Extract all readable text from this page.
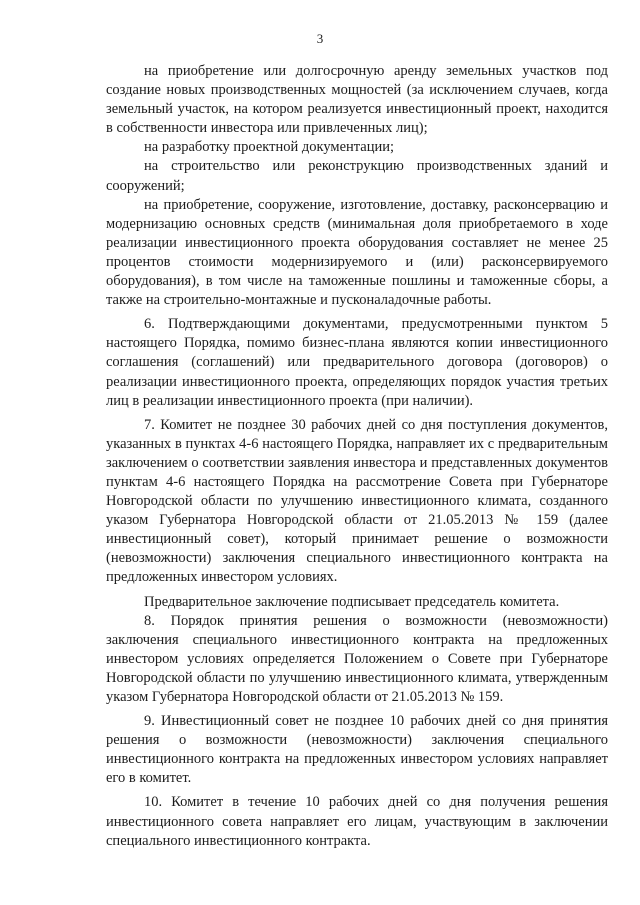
3

на приобретение или долгосрочную аренду земельных участков под создание новых производственных мощностей (за исключением случаев, когда земельный участок, на котором реализуется инвестиционный проект, находится в собственности инвестора или привлеченных лиц);

на разработку проектной документации;

на строительство или реконструкцию производственных зданий и сооружений;

на приобретение, сооружение, изготовление, доставку, расконсервацию и модернизацию основных средств (минимальная доля приобретаемого в ходе реализации инвестиционного проекта оборудования составляет не менее 25 процентов стоимости модернизируемого и (или) расконсервируемого оборудования), в том числе на таможенные пошлины и таможенные сборы, а также на строительно-монтажные и пусконаладочные работы.

6. Подтверждающими документами, предусмотренными пунктом 5 настоящего Порядка, помимо бизнес-плана являются копии инвестиционного соглашения (соглашений) или предварительного договора (договоров) о реализации инвестиционного проекта, определяющих порядок участия третьих лиц в реализации инвестиционного проекта (при наличии).

7. Комитет не позднее 30 рабочих дней со дня поступления документов, указанных в пунктах 4-6 настоящего Порядка, направляет их с предварительным заключением о соответствии заявления инвестора и представленных документов пунктам 4-6 настоящего Порядка на рассмотрение Совета при Губернаторе Новгородской области по улучшению инвестиционного климата, созданного указом Губернатора Новгородской области от 21.05.2013 № 159 (далее инвестиционный совет), который принимает решение о возможности (невозможности) заключения специального инвестиционного контракта на предложенных инвестором условиях.

Предварительное заключение подписывает председатель комитета.

8. Порядок принятия решения о возможности (невозможности) заключения специального инвестиционного контракта на предложенных инвестором условиях определяется Положением о Совете при Губернаторе Новгородской области по улучшению инвестиционного климата, утвержденным указом Губернатора Новгородской области от 21.05.2013 № 159.

9. Инвестиционный совет не позднее 10 рабочих дней со дня принятия решения о возможности (невозможности) заключения специального инвестиционного контракта на предложенных инвестором условиях направляет его в комитет.

10. Комитет в течение 10 рабочих дней со дня получения решения инвестиционного совета направляет его лицам, участвующим в заключении специального инвестиционного контракта.
